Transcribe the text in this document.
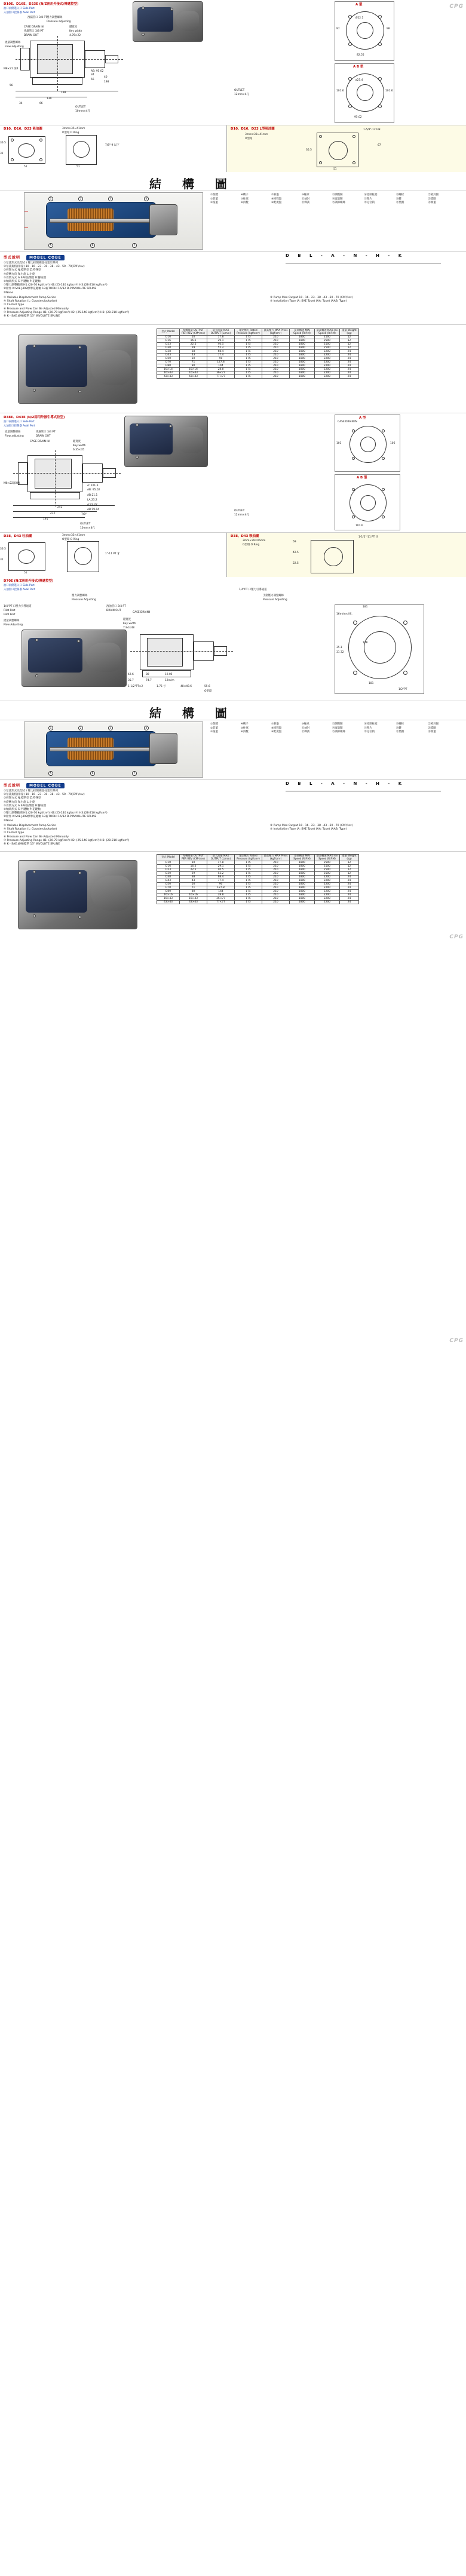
D10E、D16E、D23E (N/Z兩用外接式/傳遞控型)
油口兩側進入口 Side Port
入油窗口控制器 Avail Port
洩漏管口 3/8 PT 壓力調整螺絲
Pressure adjusting
CASE DRAIN IN
洩漏管口 3/8 PT
DRAIN OUT
鍵寬度
Key width
4.76×22
流量調整螺絲
Flow adjusting
198
139
M8×21 深4
AB: 95.02
34
56
40
198
56
34	66
OUTLET
10mm×4孔
A 型
97	98
82.55
Ø22.1
A B 型
101.6	101.6
95.02
ø25.4
OUTLET
12mm×4孔
D10、D16、D23 吸油圖
36.5
31
51
3mm×35×41mm
O型環 O Ring
7/8"-9 以下
51
D10、D16、D23 L型吸油圖
3mm×35×41mm
O型環
1-5/8"-12 UN
67
36.5
51
結 構 圖
1	2	3	4
5	6	7
①殼體
②前蓋
③後蓋
④轉子
⑤柱塞
⑥滑靴
⑦斜盤
⑧回程盤
⑨配流盤
⑩軸承
⑪油封
⑫彈簧
⑬調壓閥
⑭流量閥
⑮調節螺絲
⑯控制柱塞
⑰墊片
⑱定位銷
⑲螺栓
⑳鍵
㉑墊圈
㉒密封圈
㉓擋圈
㉔端蓋
型式說明 MOBEL COBE	D B L - A - N - H - K
①泵浦形式及型式 / 壓力控制變量柱塞泵系列
②泵浦規格(排量) 10 · 16 · 23 · 30 · 38 · 43 · 50 · 70(CM³/rev)
③控制方式 N:標準型 Z:特殊型
④旋轉方向 R:右旋 L:左旋
⑤安裝方式 A:SAE法蘭型 B:腳座型
⑥軸端形式 S:平鍵軸 P:花鍵軸
⑦壓力調整範圍 H1:(20-70 kgf/cm²) H2:(25-140 kgf/cm²) H3:(28-210 kgf/cm²)
⑧附件 K:SAE J498標準花鍵軸 13齒TOOHI 16/32 D.P INVOLUTE SPLINE
⑨None
① Variable Displacement Pump Series
④ Shaft Rotation (L: Counterclockwise)
③ Control Type
⑥ Pressure and Flow Can Be Adjusted Manually
⑦ Pressure Adjusting Range H1: (20-70 kgf/cm²) H2: (25-140 kgf/cm²) H3: (28-210 kgf/cm²)
⑧ K - SAE J498標準 13" INVOLUTE SPLINE
② Pump Max Output 10 · 16 · 23 · 38 · 43 · 50 · 70 (CM³/rev)
⑤ Installation Type (A: SAE Type) (AA: Type) (AAB: Type)
型式 Model	每轉排量 OUTPUT PER REV (CM³/rev)	最大流量 MAX OUTPUT (L/min)	額定壓力 Rated Pressure (kgf/cm²)	最高壓力 MAX Press (kgf/cm²)	最低轉速 MIN Speed (R.P.M)	最高轉速 MAX rev Speed (R.P.M)	重量 Weight (kg)
D10	10	17.8	175	210	1800	2500	12
D16	16.6	29.1	175	210	1800	2500	12
D23	22.5	40.5	175	210	1800	2500	12
D30	29	52.2	175	210	1800	2500	12
D38	38	68.4	175	210	1800	2200	24
D43	43	77.4	175	210	1800	2200	24
D50	50	90	175	210	1800	2200	24
D70	71	127.8	175	210	1800	2200	24
D80	80	144	175	210	1800	2200	24
16×16	16×16	28.8	175	210	1800	2200	24
16×43	16×43	36×77	175	210	1800	2200	24
43×43	43×43	77×77	175	210	1800	2200	24
D38E、D43E (N/Z兩用外接引導式控型)
油口兩側進入口 Side Port
入油窗口控制器 Avail Port
流量調整螺絲
Flow adjusting
洩漏管口 3/4 PT
DRAIN OUT
CASE DRAIN IN	鍵寬度
Key width
6.35×35
M8×22深4M
A: 101.6
AB: 95.02
AB:21.1
LA:25.2
AB:19.04
7/8"
242
212
191
OUTLET
10mm×4孔
A 型
CASE DRAIN IN
103	106
A B 型
101.6
OUTLET
12mm×4孔
D38、D43 吐油圖
36.5
31
51
3mm×35×41mm
O型環 O Ring
1"-11 PT 牙
D38、D43 吸油圖
3mm×39×45mm
O型環 O Ring
1-1/2"-11 PT 牙
59
42.5
22.5
D70E (N/Z兩用外接式/傳遞控型)
油口兩側進入口 Side Port
入油窗口控制器 Avail Port
壓力調整螺絲
Pressure Adjusting
1/4"PT 口壓力引導通道
Pilot Port
Pilot Port
流量調整螺絲
Flow Adjusting
洩油管口 3/4 PT
DRAIN OUT
CASE DRAINII
鍵寬度
Key width
7.94×48
手動壓力調整螺絲
Pressure Adjusting
1/4"PT 口壓力引導通道
42.6	80	19.05
35.7	74.7	12m/m
1-1/2"PT×2	1.75 寸	48×49.6	55.6
O型環
181
128
181
16m/m×4孔
35.1
31.72
1/2"PT
結 構 圖
1	2	3	4
5	6	7
①殼體
②前蓋
③後蓋
④轉子
⑤柱塞
⑥滑靴
⑦斜盤
⑧回程盤
⑨配流盤
⑩軸承
⑪油封
⑫彈簧
⑬調壓閥
⑭流量閥
⑮調節螺絲
⑯控制柱塞
⑰墊片
⑱定位銷
⑲螺栓
⑳鍵
㉑墊圈
㉒密封圈
㉓擋圈
㉔端蓋
型式說明 MOBEL COBE	D B L - A - N - H - K
①泵浦形式及型式 / 壓力控制變量柱塞泵系列
②泵浦規格(排量) 10 · 16 · 23 · 30 · 38 · 43 · 50 · 70(CM³/rev)
③控制方式 N:標準型 Z:特殊型
④旋轉方向 R:右旋 L:左旋
⑤安裝方式 A:SAE法蘭型 B:腳座型
⑥軸端形式 S:平鍵軸 P:花鍵軸
⑦壓力調整範圍 H1:(20-70 kgf/cm²) H2:(25-140 kgf/cm²) H3:(28-210 kgf/cm²)
⑧附件 K:SAE J498標準花鍵軸 13齒TOOHI 16/32 D.P INVOLUTE SPLINE
⑨None
① Variable Displacement Pump Series
④ Shaft Rotation (L: Counterclockwise)
③ Control Type
⑥ Pressure and Flow Can Be Adjusted Manually
⑦ Pressure Adjusting Range H1: (20-70 kgf/cm²) H2: (25-140 kgf/cm²) H3: (28-210 kgf/cm²)
⑧ K - SAE J498標準 13" INVOLUTE SPLINE
② Pump Max Output 10 · 16 · 23 · 38 · 43 · 50 · 70 (CM³/rev)
⑤ Installation Type (A: SAE Type) (AA: Type) (AAB: Type)
型式 Model	每轉排量 OUTPUT PER REV (CM³/rev)	最大流量 MAX OUTPUT (L/min)	額定壓力 Rated Pressure (kgf/cm²)	最高壓力 MAX Press (kgf/cm²)	最低轉速 MIN Speed (R.P.M)	最高轉速 MAX rev Speed (R.P.M)	重量 Weight (kg)
D10	10	17.8	175	210	1800	2500	12
D16	16.6	29.1	175	210	1800	2500	12
D23	22.5	40.5	175	210	1800	2500	12
D30	29	52.2	175	210	1800	2500	12
D38	38	68.4	175	210	1800	2200	24
D43	43	77.4	175	210	1800	2200	24
D50	50	90	175	210	1800	2200	24
D70	71	127.8	175	210	1800	2200	24
D80	80	144	175	210	1800	2200	24
16×16	16×16	28.8	175	210	1800	2200	24
16×43	16×43	36×77	175	210	1800	2200	24
43×43	43×43	77×77	175	210	1800	2200	24
CPG
CPG
CPG
